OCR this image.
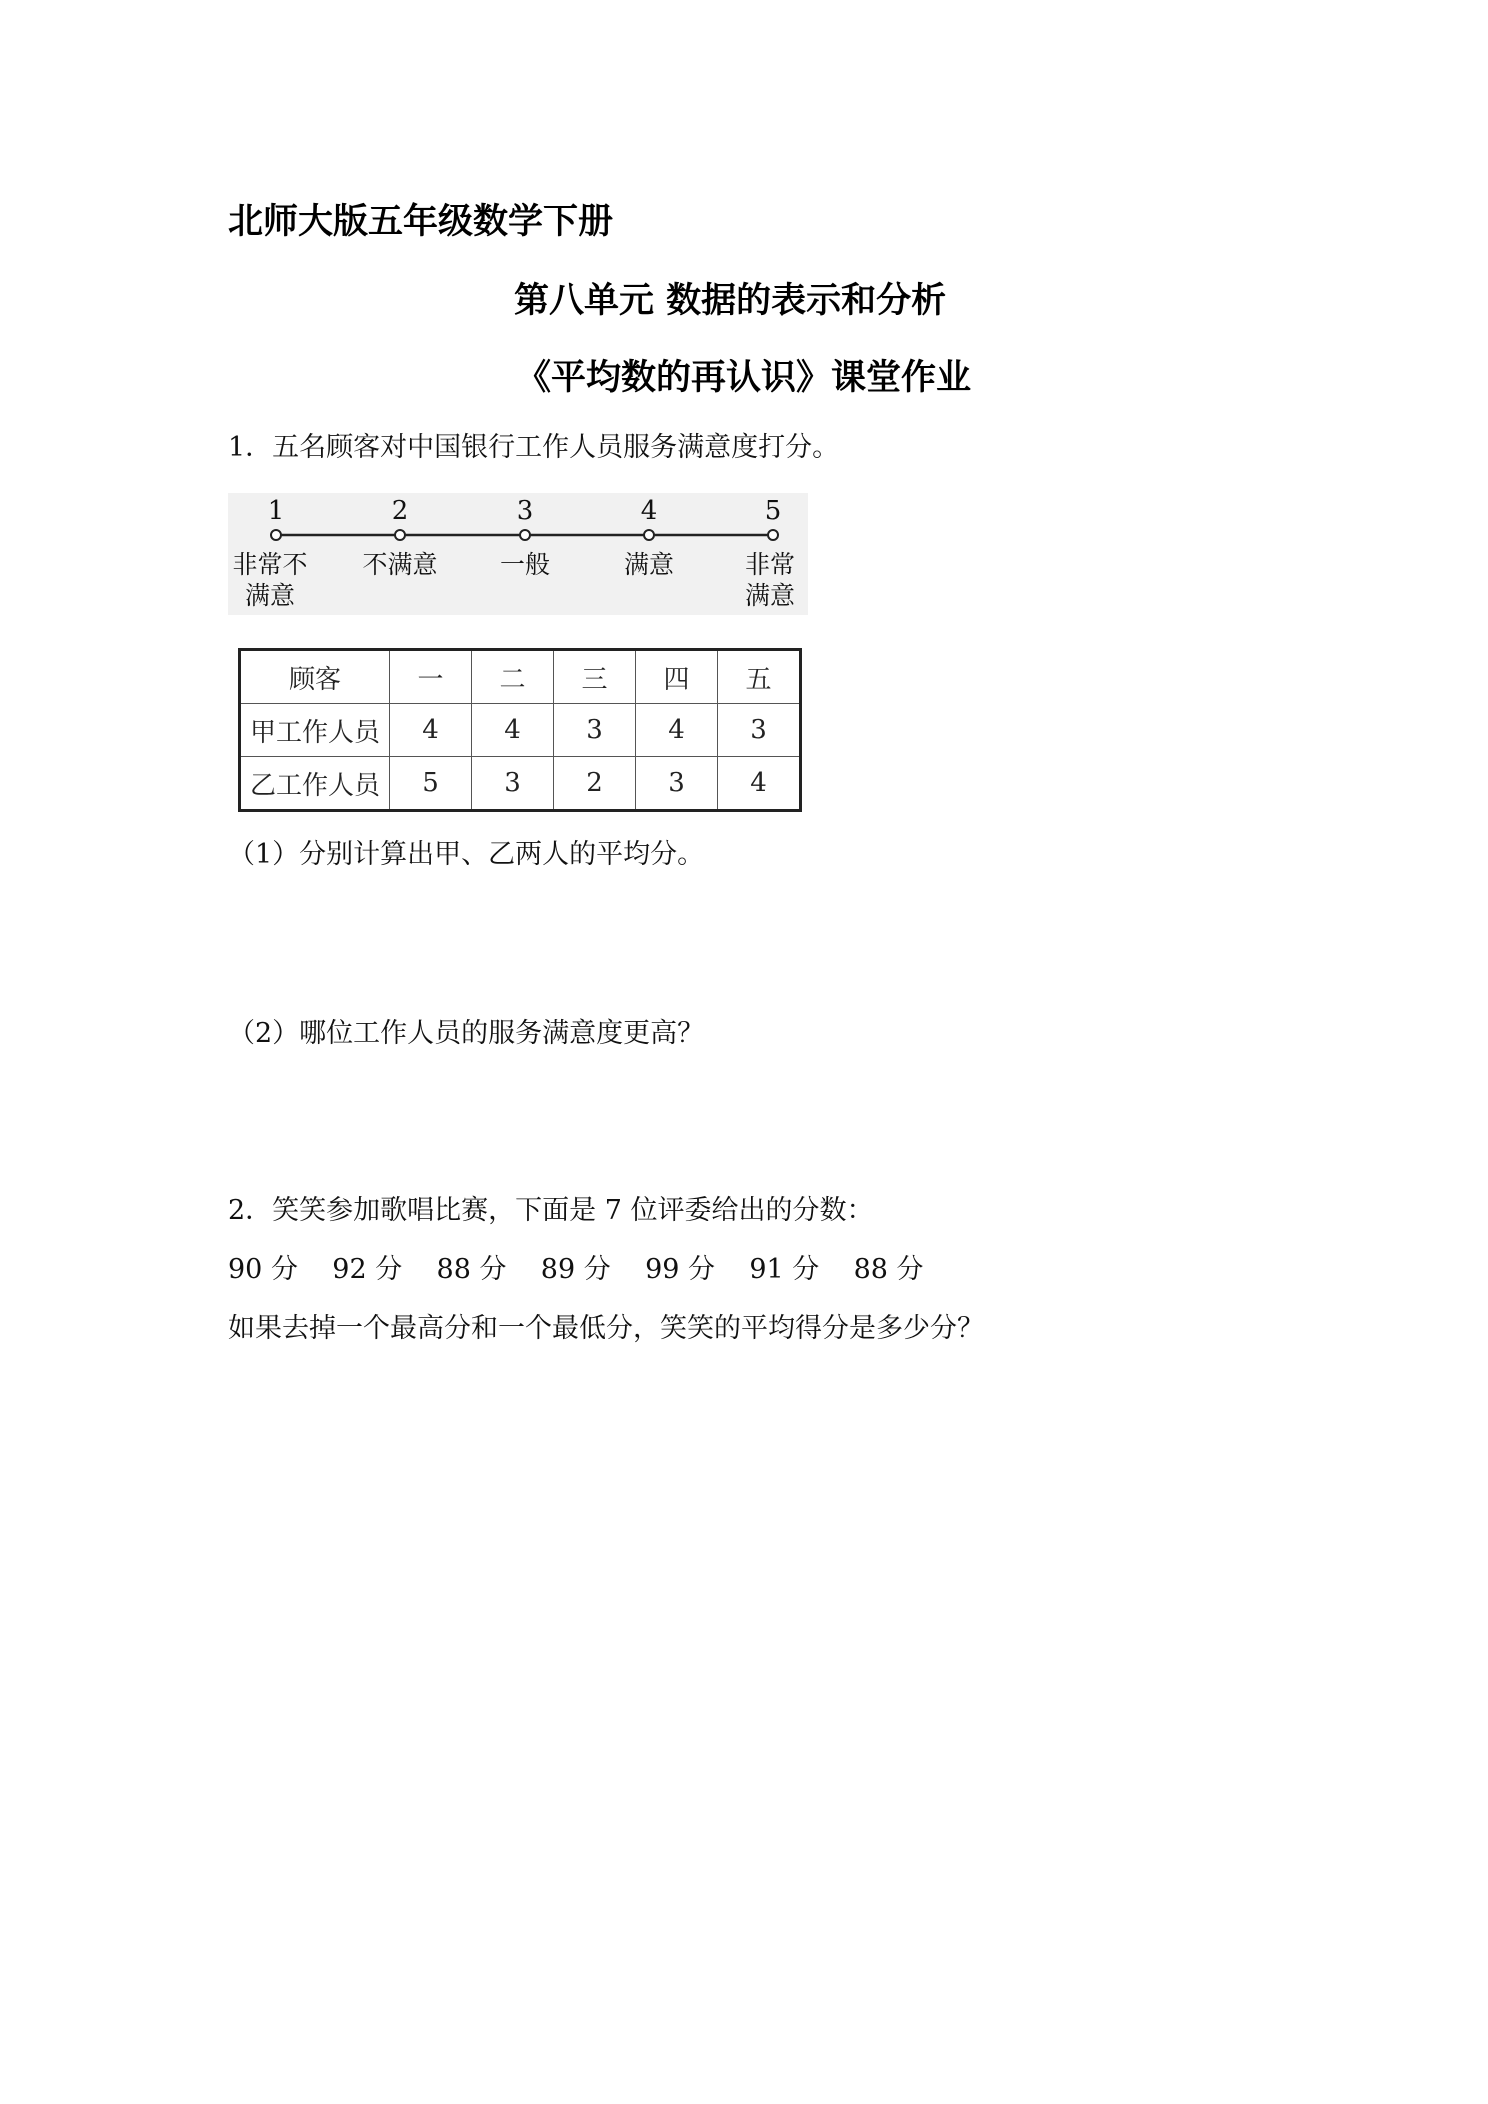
北师大版五年级数学下册
第八单元 数据的表示和分析
《平均数的再认识》课堂作业
1．五名顾客对中国银行工作人员服务满意度打分。
1	2	3	4	5
非常不满意
不满意	一般	满意	非常满意
顾客	一	二	三	四	五
甲工作人员	4	4	3	4	3
乙工作人员	5	3	2	3	4
（1）分别计算出甲、乙两人的平均分。
（2）哪位工作人员的服务满意度更高？
2．笑笑参加歌唱比赛，下面是 7 位评委给出的分数：
90 分    92 分    88 分    89 分    99 分    91 分    88 分
如果去掉一个最高分和一个最低分，笑笑的平均得分是多少分？
